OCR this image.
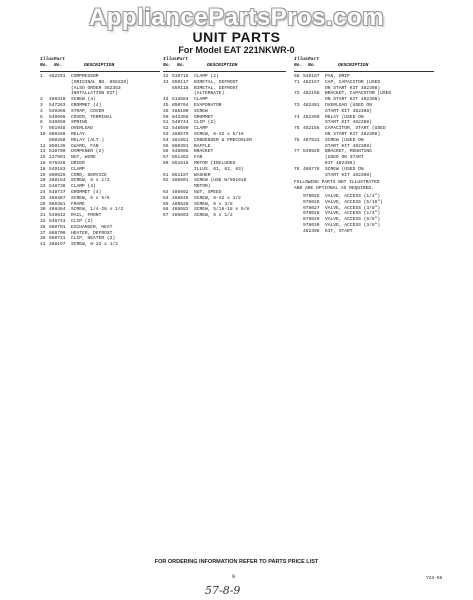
AppliancePartsPros.com
UNIT PARTS
For Model EAT 221NKWR-0
Illus.
No.
Part
No.	DESCRIPTION
1 482291 COMPRESSOR
(ORIGINAL NO. 855229)
(ALSO ORDER 482353
INSTALLATION KIT)
2 488410 SCREW (4)
3 547263 GROMMET (4)
4 549366 STRAP, COVER
5 549605 COVER, TERMINAL
6 549659 SPRING
7 861948 OVERLOAD
10 860269 RELAY
860268 RELAY (ALT.)
12 850135 GUARD, FAN
13 510709 DAMPENER (2)
15 237991 NUT, WIRE
16 978346 DRIER
18 549183 CLAMP
19 860625 CORD, SERVICE
20 488154 SCREW, 8 x 1/2
23 548738 CLAMP (4)
24 548737 GROMMET (4)
25 488487 SCREW, 6 x 5/8
29 860381 FRAME
30 488484 SCREW, 1/4-28 x 1/2
31 548642 RAIL, FRONT
33 548743 CLIP (2)
36 860701 EXCHANGER, HEAT
37 860709 HEATER, DEFROST
38 860721 CLIP, HEATER (2)
41 488197 SCREW, 8-32 x 1/2
Illus.
No.
Part
No.	DESCRIPTION
42 510716 CLAMP (2)
43 850117 BIMETAL, DEFROST
850118 BIMETAL, DEFROST
(ALTERNATE)
44 513584 CLAMP
45 850704 EVAPORATOR
46 488100 SCREW
50 843355 GROMMET
51 548744 CLIP (2)
52 548690 CLAMP
53 488579 SCREW, 8-32 x 5/16
54 481851 CONDENSER & PRECOOLER
55 860391 BAFFLE
56 548695 BRACKET
57 851452 FAN
60 851616 MOTOR (INCLUDES
ILLUS. 61, 62, 63)
61 851197 WASHER
62 488801 SCREW (USE W/851616
MOTOR)
63 486692 NUT, SPEED
64 488645 SCREW, 8-32 x 1/2
65 488626 SCREW, 6 x 3/8
66 488682 SCREW, 5/16-18 x 5/8
67 486693 SCREW, 6 x 1/2
Illus.
No.
Part
No.	DESCRIPTION
68 549187 PAN, DRIP
71 482157 CAP, CAPACITOR (USED
ON START KIT 482398)
72 482158 BRACKET, CAPACITOR (USED
ON START KIT 482398)
73 482401 OVERLOAD (USED ON
START KIT 482398)
74 482399 RELAY (USED ON
START KIT 482398)
75 482156 CAPACITOR, START (USED
ON START KIT 482398)
76 487531 SCREW (USED ON
START KIT 482398)
77 549920 BRACKET, MOUNTING
(USED ON START
KIT 482398)
78 488778 SCREW (USED ON
START KIT 482398)
FOLLOWING PARTS NOT ILLUSTRATED
AND ARE OPTIONAL AS REQUIRED.
978025 VALVE, ACCESS (1/4")
978026 VALVE, ACCESS (5/16")
978027 VALVE, ACCESS (3/8")
978028 VALVE, ACCESS (1/4")
978029 VALVE, ACCESS (5/8")
978030 VALVE, ACCESS (3/8")
482398 KIT, START
FOR ORDERING INFORMATION REFER TO PARTS PRICE LIST
9	Y23-58
57-8-9
